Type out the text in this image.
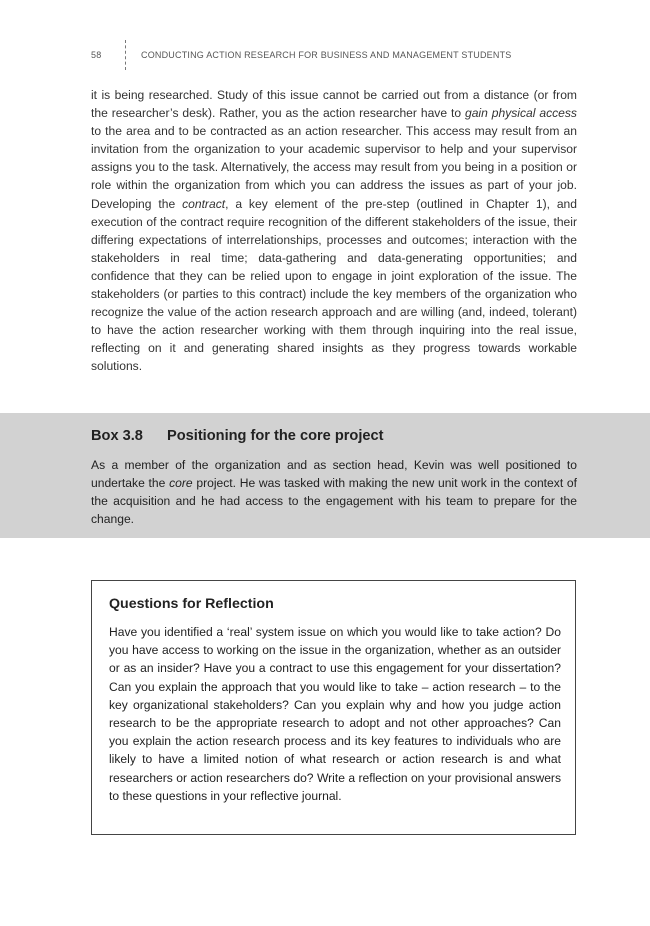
58	CONDUCTING ACTION RESEARCH FOR BUSINESS AND MANAGEMENT STUDENTS

it is being researched. Study of this issue cannot be carried out from a distance (or from the researcher’s desk). Rather, you as the action researcher have to gain physical access to the area and to be contracted as an action researcher. This access may result from an invitation from the organization to your academic supervisor to help and your supervisor assigns you to the task. Alternatively, the access may result from you being in a position or role within the organization from which you can address the issues as part of your job. Developing the contract, a key element of the pre-step (outlined in Chapter 1), and execution of the contract require recognition of the different stakeholders of the issue, their differing expectations of interrelationships, processes and outcomes; interaction with the stakeholders in real time; data-gathering and data-generating opportunities; and confidence that they can be relied upon to engage in joint exploration of the issue. The stakeholders (or parties to this contract) include the key members of the organization who recognize the value of the action research approach and are willing (and, indeed, tolerant) to have the action researcher working with them through inquiring into the real issue, reflecting on it and generating shared insights as they progress towards workable solutions.

Box 3.8 Positioning for the core project

As a member of the organization and as section head, Kevin was well positioned to undertake the core project. He was tasked with making the new unit work in the context of the acquisition and he had access to the engagement with his team to prepare for the change.

Questions for Reflection

Have you identified a ‘real’ system issue on which you would like to take action? Do you have access to working on the issue in the organization, whether as an outsider or as an insider? Have you a contract to use this engagement for your dissertation? Can you explain the approach that you would like to take – action research – to the key organizational stakeholders? Can you explain why and how you judge action research to be the appropriate research to adopt and not other approaches? Can you explain the action research process and its key features to individuals who are likely to have a limited notion of what research or action research is and what researchers or action researchers do? Write a reflection on your provisional answers to these questions in your reflective journal.
